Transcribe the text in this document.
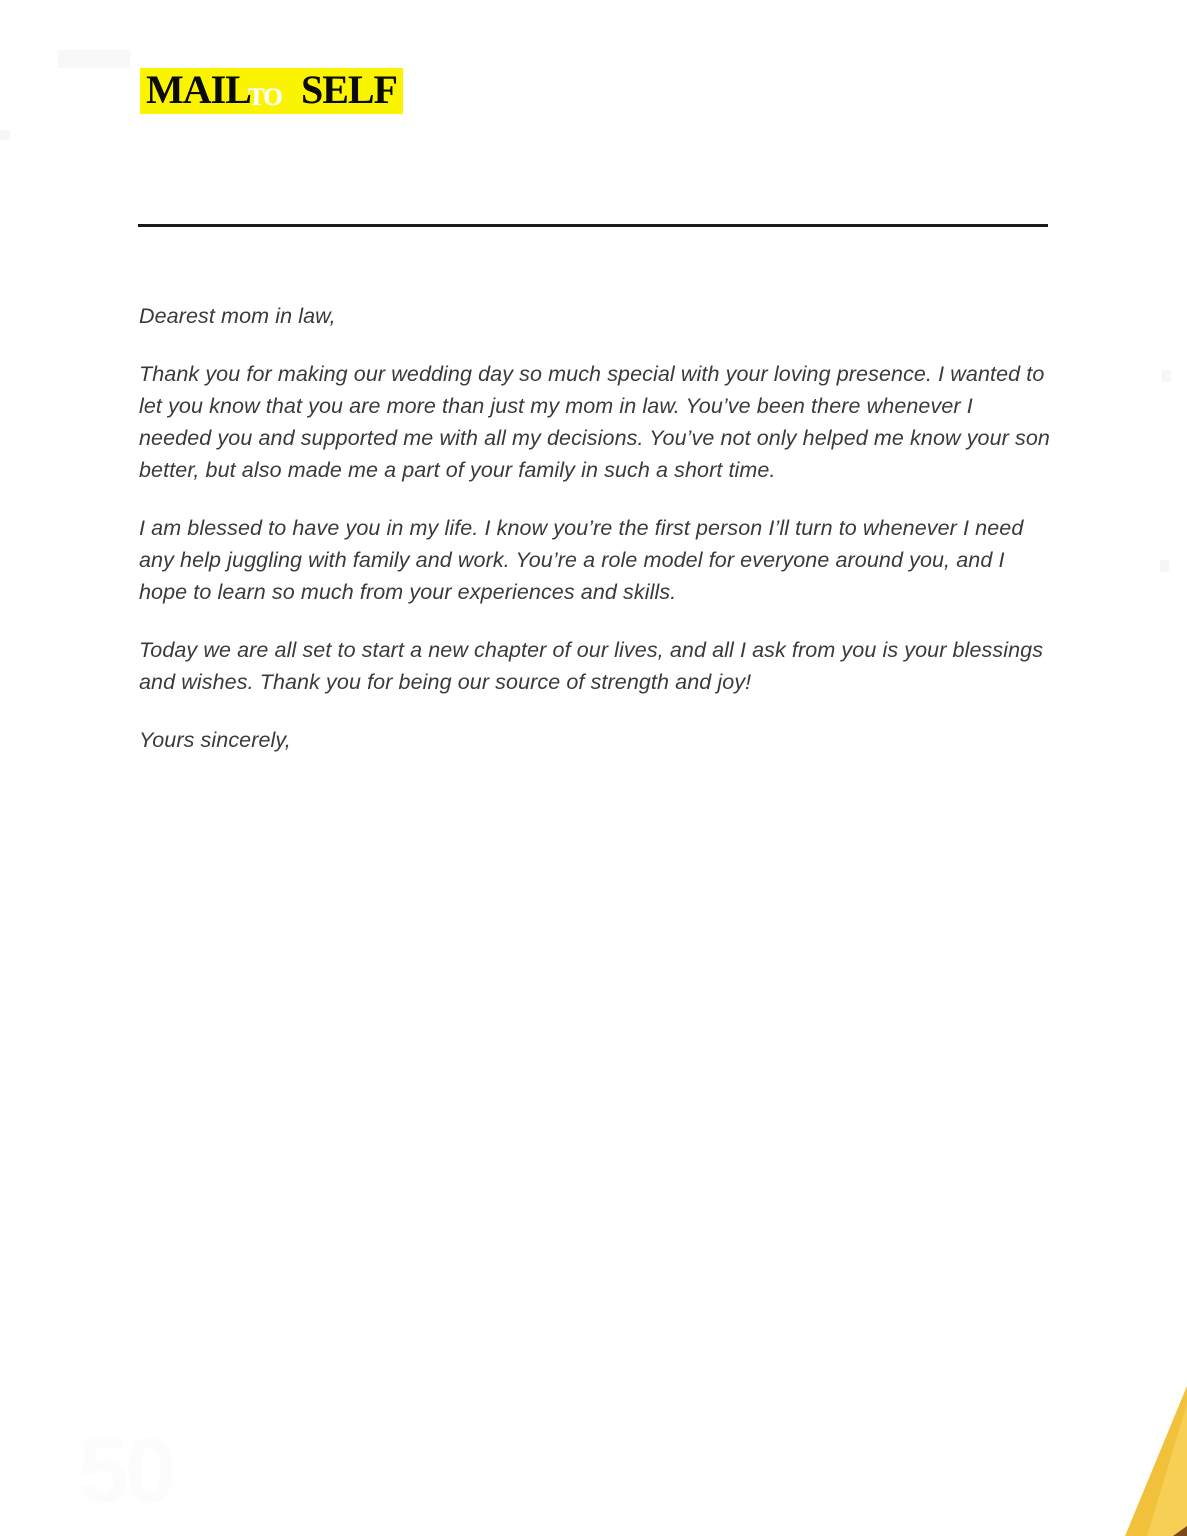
50
MAIL SELF
TO

Dearest mom in law,

Thank you for making our wedding day so much special with your loving presence. I wanted to let you know that you are more than just my mom in law. You’ve been there whenever I needed you and supported me with all my decisions. You’ve not only helped me know your son better, but also made me a part of your family in such a short time.

I am blessed to have you in my life. I know you’re the first person I’ll turn to whenever I need any help juggling with family and work. You’re a role model for everyone around you, and I hope to learn so much from your experiences and skills.

Today we are all set to start a new chapter of our lives, and all I ask from you is your blessings and wishes. Thank you for being our source of strength and joy!

Yours sincerely,
